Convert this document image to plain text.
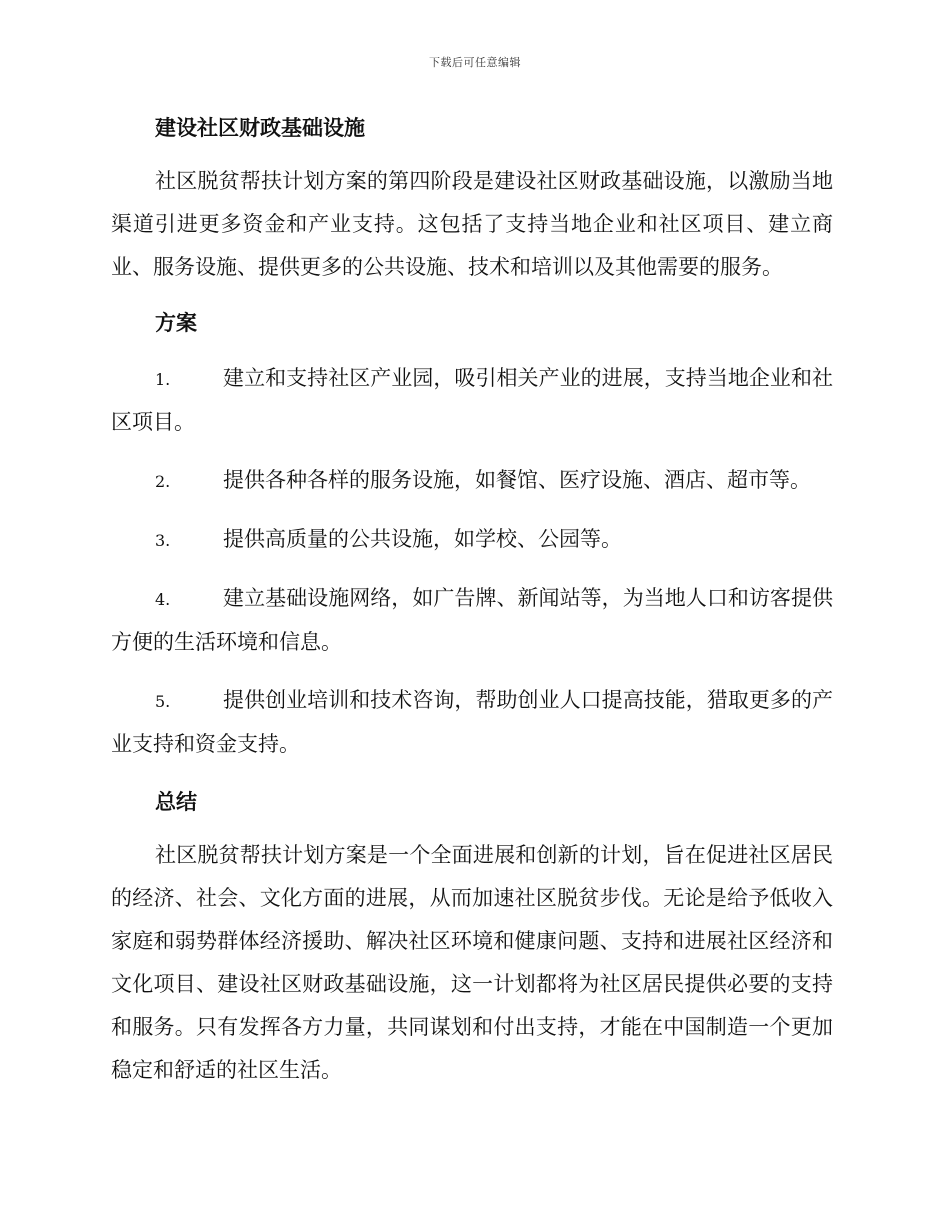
下载后可任意编辑
建设社区财政基础设施

社区脱贫帮扶计划方案的第四阶段是建设社区财政基础设施，以激励当地渠道引进更多资金和产业支持。这包括了支持当地企业和社区项目、建立商业、服务设施、提供更多的公共设施、技术和培训以及其他需要的服务。

方案

1.	建立和支持社区产业园，吸引相关产业的进展，支持当地企业和社区项目。

2.	提供各种各样的服务设施，如餐馆、医疗设施、酒店、超市等。

3.	提供高质量的公共设施，如学校、公园等。

4.	建立基础设施网络，如广告牌、新闻站等，为当地人口和访客提供方便的生活环境和信息。

5.	提供创业培训和技术咨询，帮助创业人口提高技能，猎取更多的产业支持和资金支持。

总结

社区脱贫帮扶计划方案是一个全面进展和创新的计划，旨在促进社区居民的经济、社会、文化方面的进展，从而加速社区脱贫步伐。无论是给予低收入家庭和弱势群体经济援助、解决社区环境和健康问题、支持和进展社区经济和文化项目、建设社区财政基础设施，这一计划都将为社区居民提供必要的支持和服务。只有发挥各方力量，共同谋划和付出支持，才能在中国制造一个更加稳定和舒适的社区生活。
